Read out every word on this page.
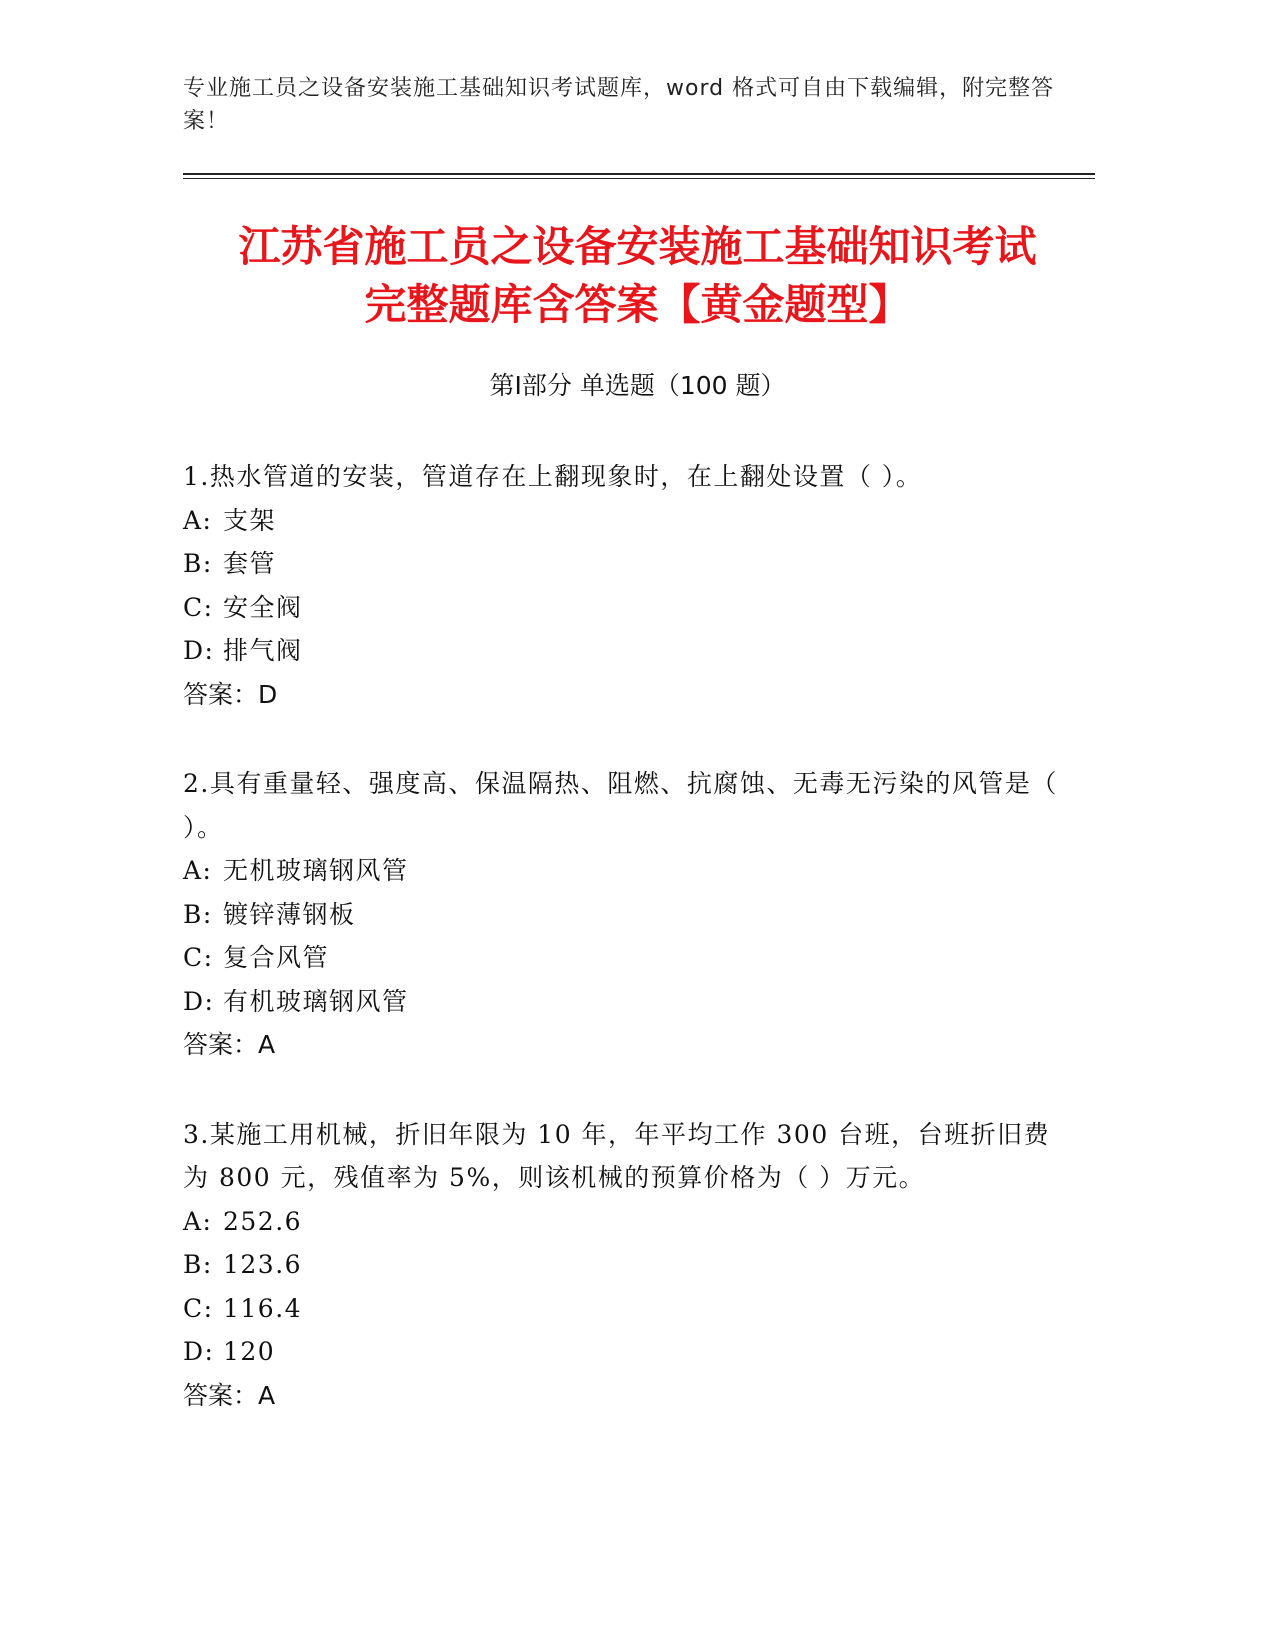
专业施工员之设备安装施工基础知识考试题库，word 格式可自由下载编辑，附完整答案！
江苏省施工员之设备安装施工基础知识考试
完整题库含答案【黄金题型】
第Ⅰ部分 单选题（100 题）
1.热水管道的安装，管道存在上翻现象时，在上翻处设置（ ）。
A: 支架
B: 套管
C: 安全阀
D: 排气阀
答案：D
2.具有重量轻、强度高、保温隔热、阻燃、抗腐蚀、无毒无污染的风管是（ ）。
A: 无机玻璃钢风管
B: 镀锌薄钢板
C: 复合风管
D: 有机玻璃钢风管
答案：A
3.某施工用机械，折旧年限为 10 年，年平均工作 300 台班，台班折旧费为 800 元，残值率为 5%，则该机械的预算价格为（ ）万元。
A: 252.6
B: 123.6
C: 116.4
D: 120
答案：A
